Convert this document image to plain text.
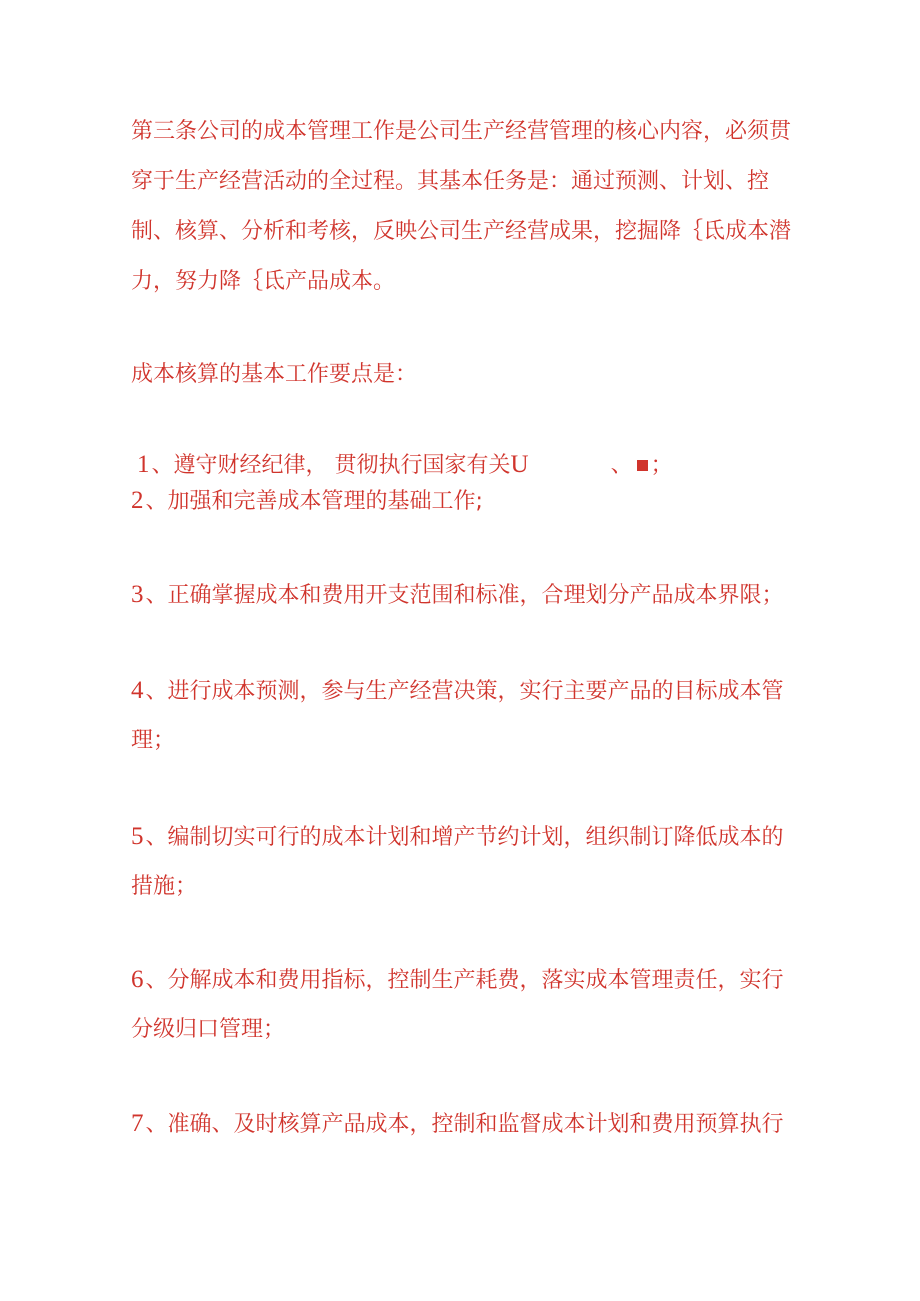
第三条公司的成本管理工作是公司生产经营管理的核心内容，必须贯
穿于生产经营活动的全过程。其基本任务是：通过预测、计划、控
制、核算、分析和考核，反映公司生产经营成果，挖掘降｛氐成本潜
力，努力降｛氐产品成本。
成本核算的基本工作要点是：
1、遵守财经纪律， 贯彻执行国家有关U	、 ；
2、加强和完善成本管理的基础工作;
3、正确掌握成本和费用开支范围和标准，合理划分产品成本界限；
4、进行成本预测，参与生产经营决策，实行主要产品的目标成本管
理；
5、编制切实可行的成本计划和增产节约计划，组织制订降低成本的
措施；
6、分解成本和费用指标，控制生产耗费，落实成本管理责任，实行
分级归口管理；
7、准确、及时核算产品成本，控制和监督成本计划和费用预算执行
